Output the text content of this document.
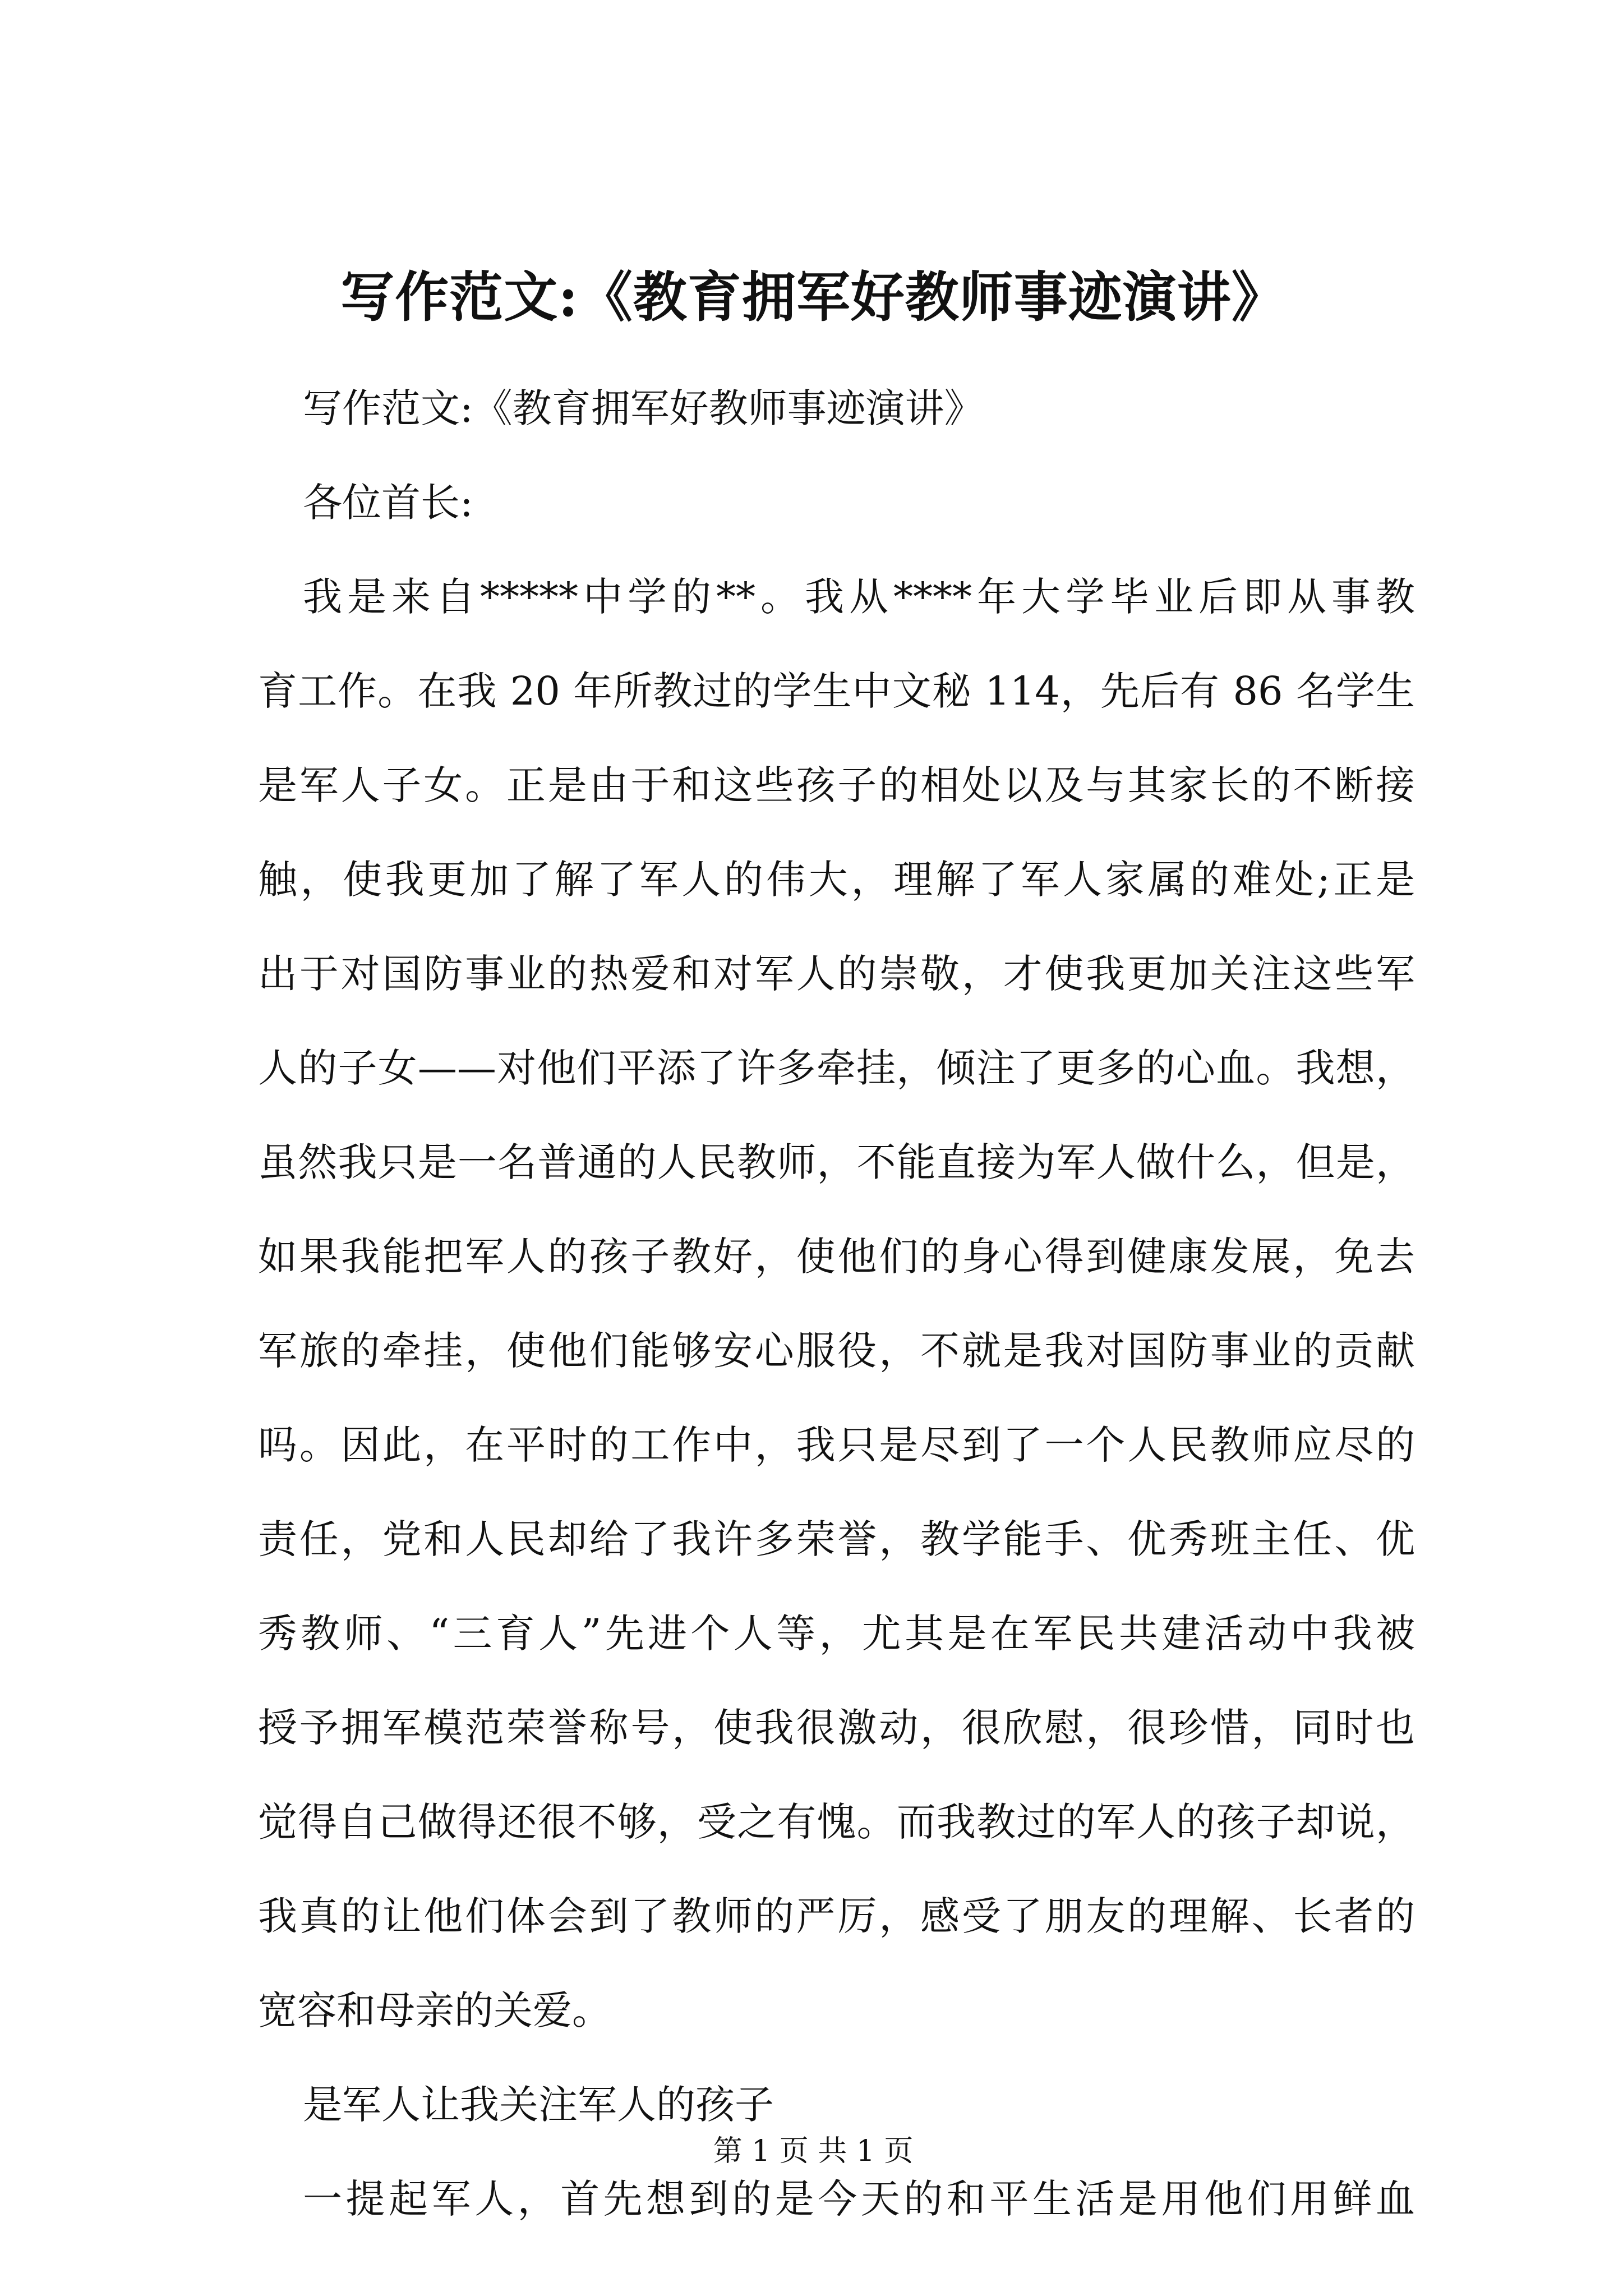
写作范文:《教育拥军好教师事迹演讲》

写作范文:《教育拥军好教师事迹演讲》

各位首长:

我是来自*****中学的**。我从****年大学毕业后即从事教
育工作。在我 20 年所教过的学生中文秘 114，先后有 86 名学生
是军人子女。正是由于和这些孩子的相处以及与其家长的不断接
触，使我更加了解了军人的伟大，理解了军人家属的难处;正是
出于对国防事业的热爱和对军人的崇敬，才使我更加关注这些军
人的子女——对他们平添了许多牵挂，倾注了更多的心血。我想，
虽然我只是一名普通的人民教师，不能直接为军人做什么，但是，
如果我能把军人的孩子教好，使他们的身心得到健康发展，免去
军旅的牵挂，使他们能够安心服役，不就是我对国防事业的贡献
吗。因此，在平时的工作中，我只是尽到了一个人民教师应尽的
责任，党和人民却给了我许多荣誉，教学能手、优秀班主任、优
秀教师、“三育人”先进个人等，尤其是在军民共建活动中我被
授予拥军模范荣誉称号，使我很激动，很欣慰，很珍惜，同时也
觉得自己做得还很不够，受之有愧。而我教过的军人的孩子却说，
我真的让他们体会到了教师的严厉，感受了朋友的理解、长者的
宽容和母亲的关爱。

是军人让我关注军人的孩子

一提起军人，首先想到的是今天的和平生活是用他们用鲜血

第 1 页 共 1 页
